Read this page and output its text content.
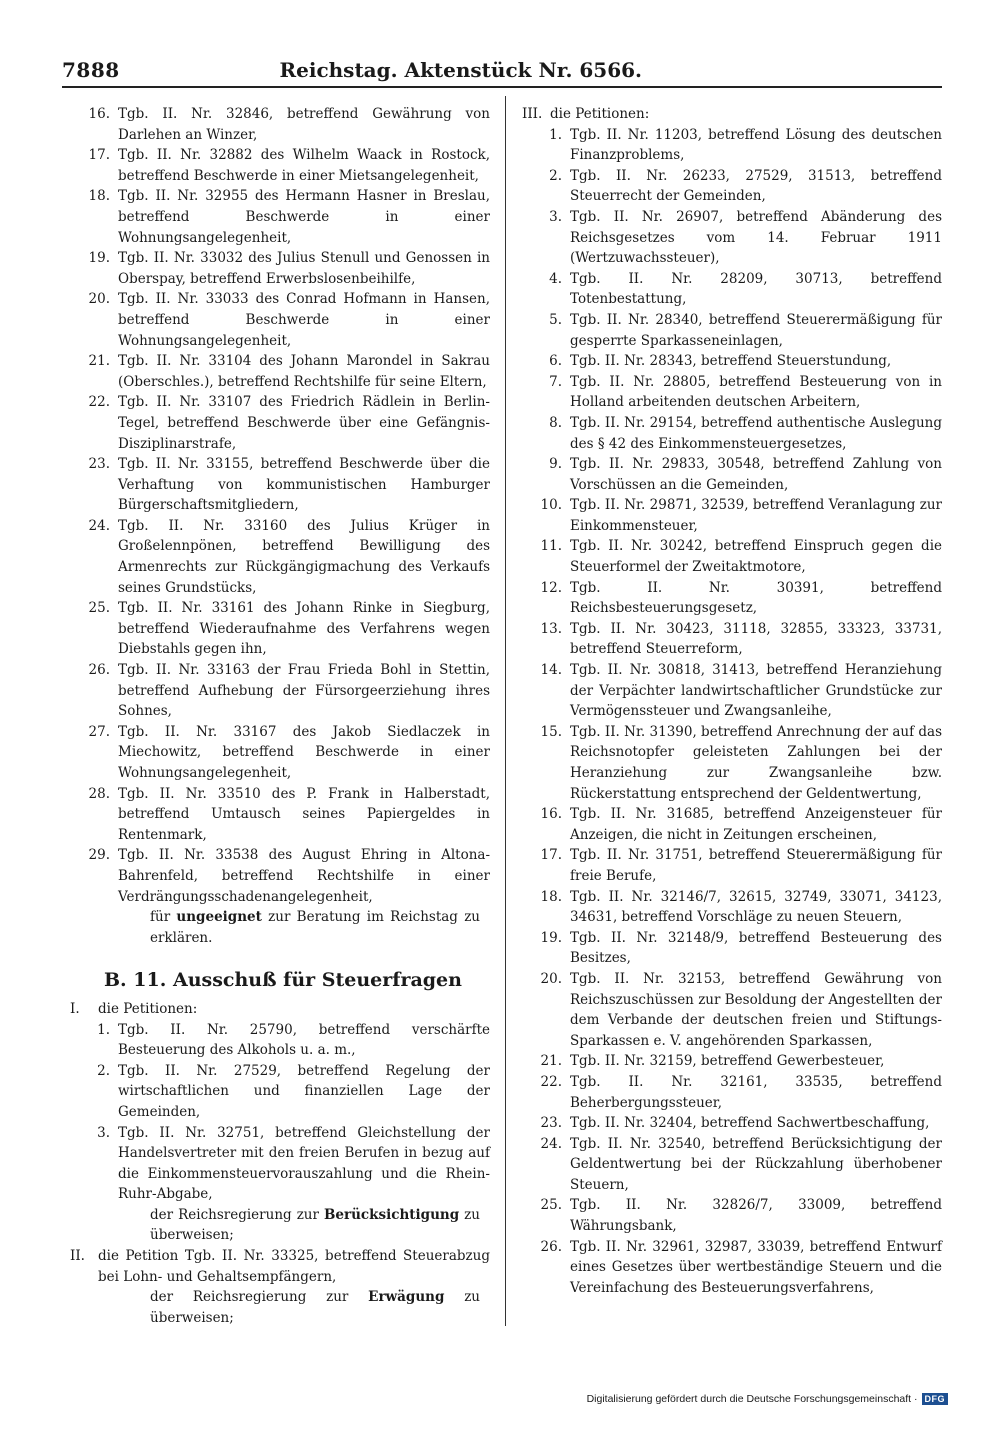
7888	Reichstag. Aktenstück Nr. 6566.
16. Tgb. II. Nr. 32846, betreffend Gewährung von Darlehen an Winzer,
17. Tgb. II. Nr. 32882 des Wilhelm Waack in Rostock, betreffend Beschwerde in einer Mietsangelegenheit,
18. Tgb. II. Nr. 32955 des Hermann Hasner in Breslau, betreffend Beschwerde in einer Wohnungsangelegenheit,
19. Tgb. II. Nr. 33032 des Julius Stenull und Genossen in Oberspay, betreffend Erwerbslosenbeihilfe,
20. Tgb. II. Nr. 33033 des Conrad Hofmann in Hansen, betreffend Beschwerde in einer Wohnungsangelegenheit,
21. Tgb. II. Nr. 33104 des Johann Marondel in Sakrau (Oberschles.), betreffend Rechtshilfe für seine Eltern,
22. Tgb. II. Nr. 33107 des Friedrich Rädlein in Berlin-Tegel, betreffend Beschwerde über eine Gefängnis-Disziplinarstrafe,
23. Tgb. II. Nr. 33155, betreffend Beschwerde über die Verhaftung von kommunistischen Hamburger Bürgerschaftsmitgliedern,
24. Tgb. II. Nr. 33160 des Julius Krüger in Großelennpönen, betreffend Bewilligung des Armenrechts zur Rückgängigmachung des Verkaufs seines Grundstücks,
25. Tgb. II. Nr. 33161 des Johann Rinke in Siegburg, betreffend Wiederaufnahme des Verfahrens wegen Diebstahls gegen ihn,
26. Tgb. II. Nr. 33163 der Frau Frieda Bohl in Stettin, betreffend Aufhebung der Fürsorgeerziehung ihres Sohnes,
27. Tgb. II. Nr. 33167 des Jakob Siedlaczek in Miechowitz, betreffend Beschwerde in einer Wohnungsangelegenheit,
28. Tgb. II. Nr. 33510 des P. Frank in Halberstadt, betreffend Umtausch seines Papiergeldes in Rentenmark,
29. Tgb. II. Nr. 33538 des August Ehring in Altona-Bahrenfeld, betreffend Rechtshilfe in einer Verdrängungsschadenangelegenheit,
für ungeeignet zur Beratung im Reichstag zu erklären.
B. 11. Ausschuß für Steuerfragen
I.	die Petitionen:
1. Tgb. II. Nr. 25790, betreffend verschärfte Besteuerung des Alkohols u. a. m.,
2. Tgb. II. Nr. 27529, betreffend Regelung der wirtschaftlichen und finanziellen Lage der Gemeinden,
3. Tgb. II. Nr. 32751, betreffend Gleichstellung der Handelsvertreter mit den freien Berufen in bezug auf die Einkommensteuervorauszahlung und die Rhein-Ruhr-Abgabe,
der Reichsregierung zur Berücksichtigung zu überweisen;
II. die Petition Tgb. II. Nr. 33325, betreffend Steuerabzug bei Lohn- und Gehaltsempfängern,
der Reichsregierung zur Erwägung zu überweisen;
III. die Petitionen:
1. Tgb. II. Nr. 11203, betreffend Lösung des deutschen Finanzproblems,
2. Tgb. II. Nr. 26233, 27529, 31513, betreffend Steuerrecht der Gemeinden,
3. Tgb. II. Nr. 26907, betreffend Abänderung des Reichsgesetzes vom 14. Februar 1911 (Wertzuwachssteuer),
4. Tgb. II. Nr. 28209, 30713, betreffend Totenbestattung,
5. Tgb. II. Nr. 28340, betreffend Steuerermäßigung für gesperrte Sparkasseneinlagen,
6. Tgb. II. Nr. 28343, betreffend Steuerstundung,
7. Tgb. II. Nr. 28805, betreffend Besteuerung von in Holland arbeitenden deutschen Arbeitern,
8. Tgb. II. Nr. 29154, betreffend authentische Auslegung des § 42 des Einkommensteuergesetzes,
9. Tgb. II. Nr. 29833, 30548, betreffend Zahlung von Vorschüssen an die Gemeinden,
10. Tgb. II. Nr. 29871, 32539, betreffend Veranlagung zur Einkommensteuer,
11. Tgb. II. Nr. 30242, betreffend Einspruch gegen die Steuerformel der Zweitaktmotore,
12. Tgb. II. Nr. 30391, betreffend Reichsbesteuerungsgesetz,
13. Tgb. II. Nr. 30423, 31118, 32855, 33323, 33731, betreffend Steuerreform,
14. Tgb. II. Nr. 30818, 31413, betreffend Heranziehung der Verpächter landwirtschaftlicher Grundstücke zur Vermögenssteuer und Zwangsanleihe,
15. Tgb. II. Nr. 31390, betreffend Anrechnung der auf das Reichsnotopfer geleisteten Zahlungen bei der Heranziehung zur Zwangsanleihe bzw. Rückerstattung entsprechend der Geldentwertung,
16. Tgb. II. Nr. 31685, betreffend Anzeigensteuer für Anzeigen, die nicht in Zeitungen erscheinen,
17. Tgb. II. Nr. 31751, betreffend Steuerermäßigung für freie Berufe,
18. Tgb. II. Nr. 32146/7, 32615, 32749, 33071, 34123, 34631, betreffend Vorschläge zu neuen Steuern,
19. Tgb. II. Nr. 32148/9, betreffend Besteuerung des Besitzes,
20. Tgb. II. Nr. 32153, betreffend Gewährung von Reichszuschüssen zur Besoldung der Angestellten der dem Verbande der deutschen freien und Stiftungs-Sparkassen e. V. angehörenden Sparkassen,
21. Tgb. II. Nr. 32159, betreffend Gewerbesteuer,
22. Tgb. II. Nr. 32161, 33535, betreffend Beherbergungssteuer,
23. Tgb. II. Nr. 32404, betreffend Sachwertbeschaffung,
24. Tgb. II. Nr. 32540, betreffend Berücksichtigung der Geldentwertung bei der Rückzahlung überhobener Steuern,
25. Tgb. II. Nr. 32826/7, 33009, betreffend Währungsbank,
26. Tgb. II. Nr. 32961, 32987, 33039, betreffend Entwurf eines Gesetzes über wertbeständige Steuern und die Vereinfachung des Besteuerungsverfahrens,
Digitalisierung gefördert durch die Deutsche Forschungsgemeinschaft · DFG
